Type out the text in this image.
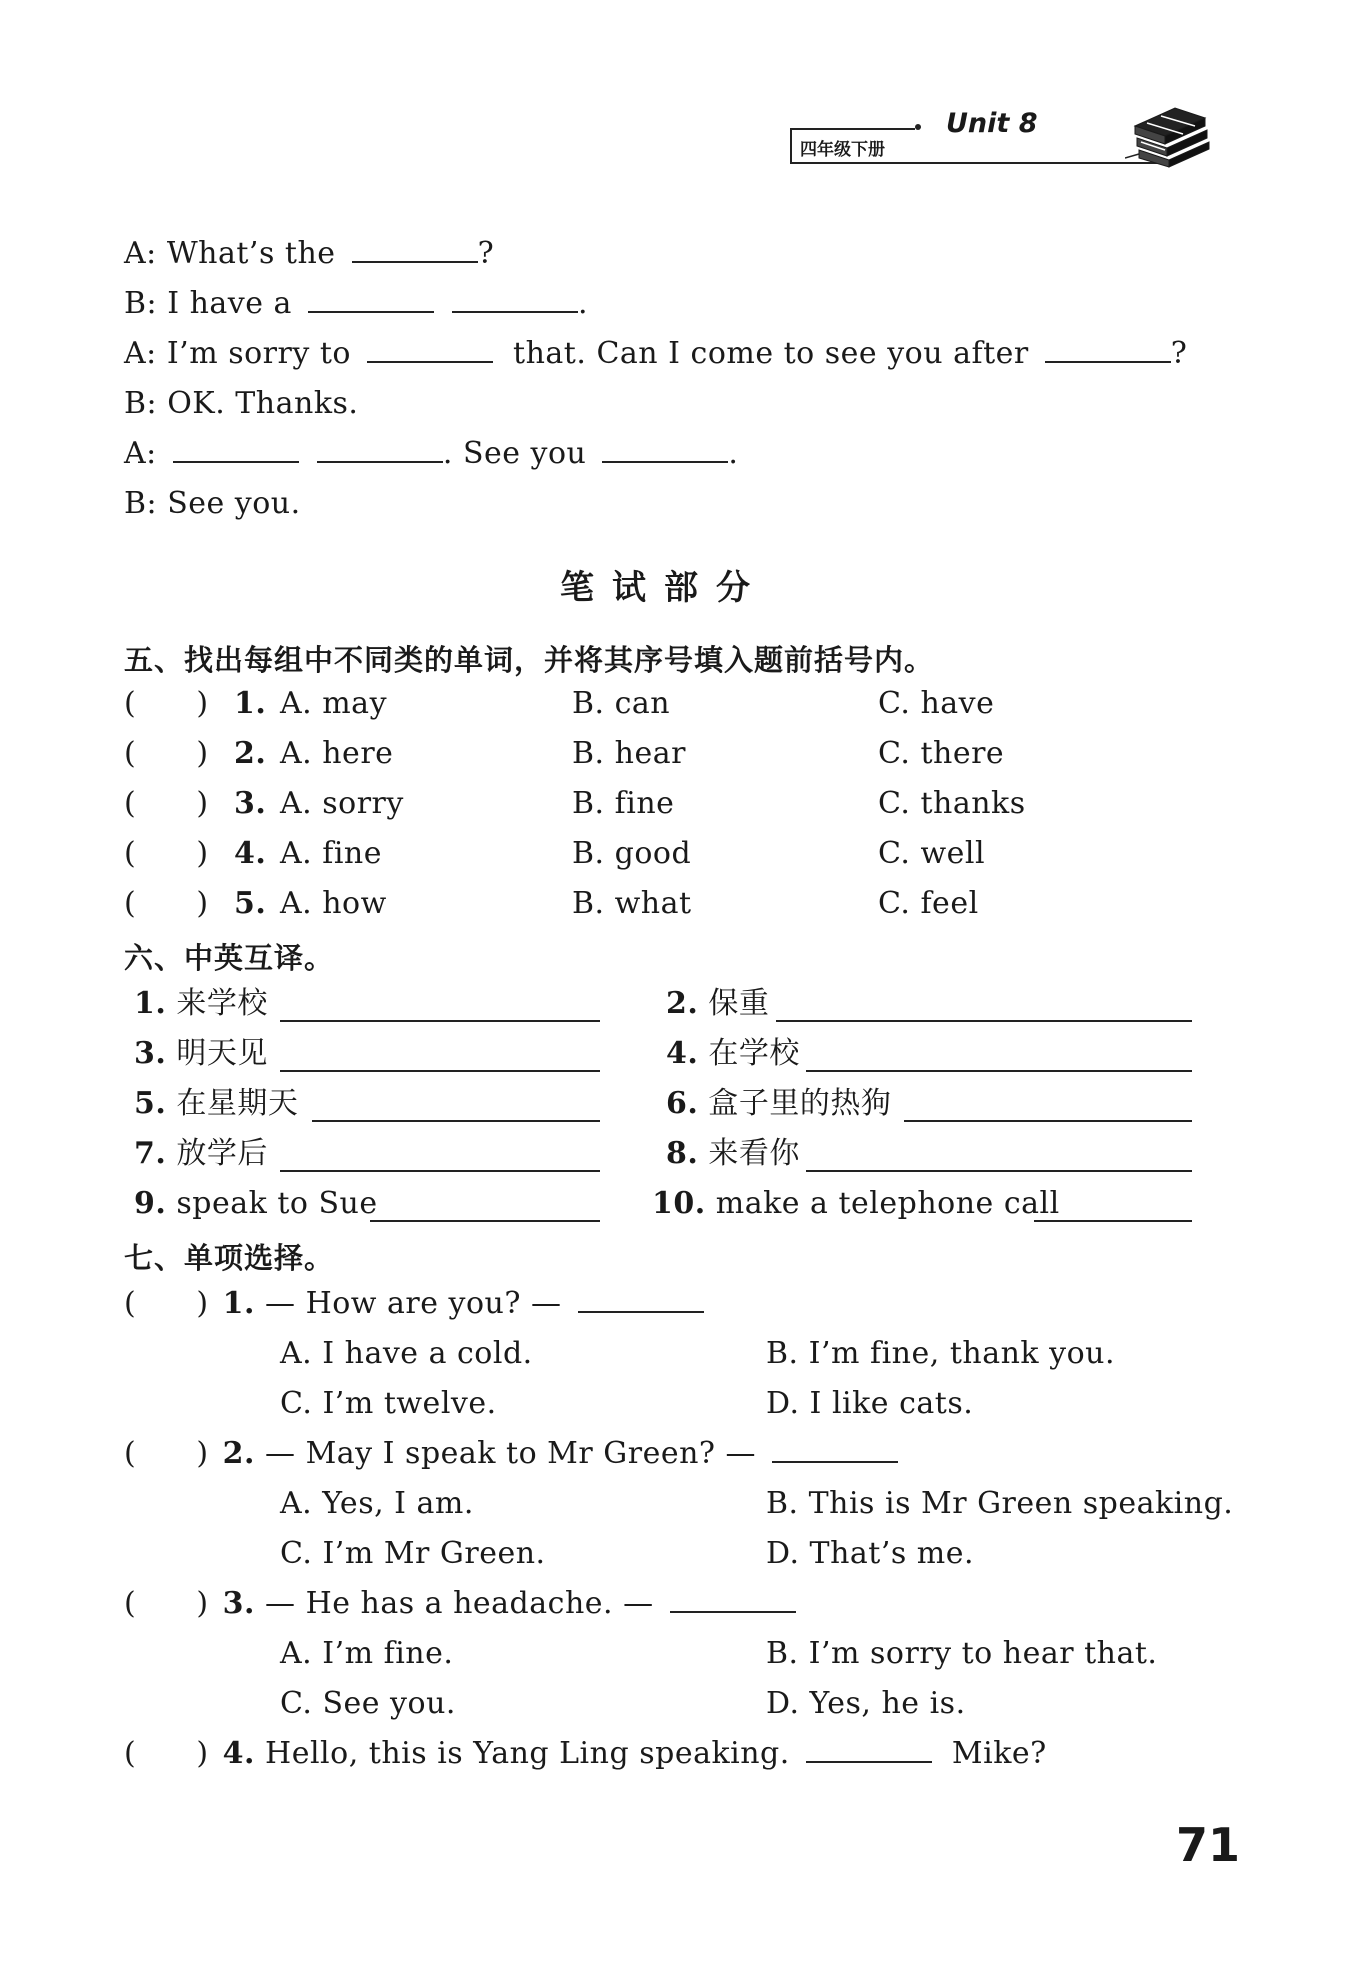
四年级下册
Unit 8
A: What’s the	?
B: I have a	.
A: I’m sorry to	that. Can I come to see you after	?
B: OK. Thanks.
A:	. See you	.
B: See you.
笔试部分
五、找出每组中不同类的单词，并将其序号填入题前括号内。
(      ) 1. A. may	B. can	C. have
(      ) 2. A. here	B. hear	C. there
(      ) 3. A. sorry	B. fine	C. thanks
(      ) 4. A. fine	B. good	C. well
(      ) 5. A. how	B. what	C. feel
六、中英互译。
1. 来学校	2. 保重
3. 明天见	4. 在学校
5. 在星期天	6. 盒子里的热狗
7. 放学后	8. 来看你
9. speak to Sue	10. make a telephone call
七、单项选择。
(      ) 1. — How are you? —
A. I have a cold.	B. I’m fine, thank you.
C. I’m twelve.	D. I like cats.
(      ) 2. — May I speak to Mr Green? —
A. Yes, I am.	B. This is Mr Green speaking.
C. I’m Mr Green.	D. That’s me.
(      ) 3. — He has a headache. —
A. I’m fine.	B. I’m sorry to hear that.
C. See you.	D. Yes, he is.
(      ) 4. Hello, this is Yang Ling speaking.	Mike?
71
